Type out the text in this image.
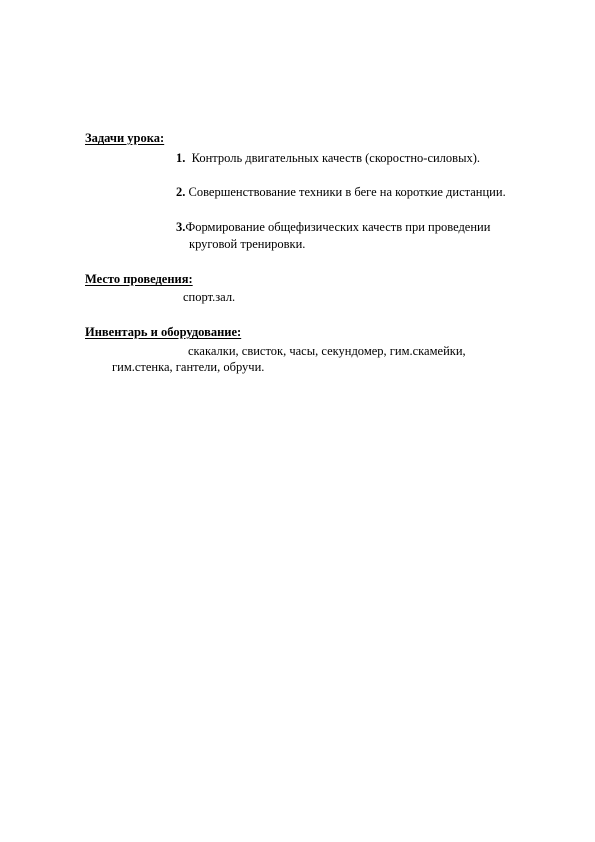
Задачи урока:
1. Контроль двигательных качеств (скоростно-силовых).
2. Совершенствование техники в беге на короткие дистанции.
3.Формирование общефизических качеств при проведении
круговой тренировки.
Место проведения:
спорт.зал.
Инвентарь и оборудование:
скакалки, свисток, часы, секундомер, гим.скамейки,
гим.стенка, гантели, обручи.
